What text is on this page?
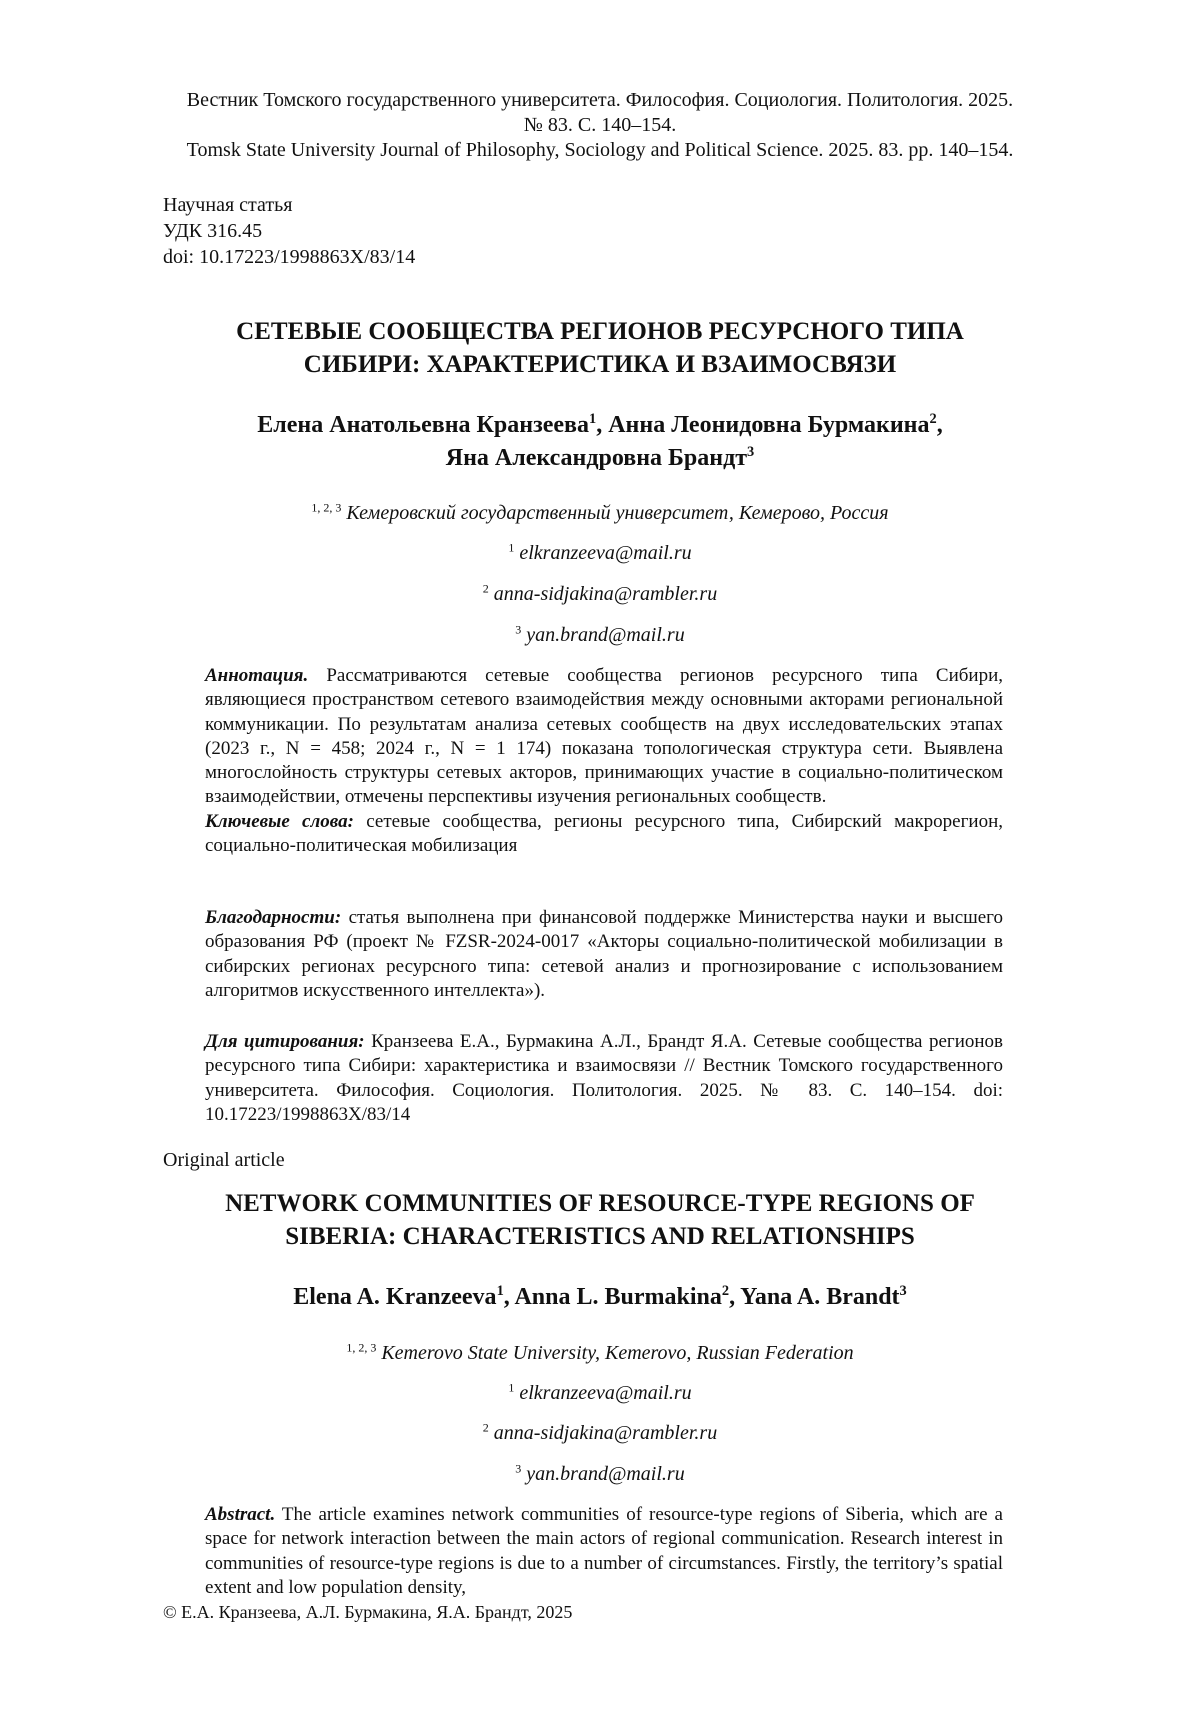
Вестник Томского государственного университета. Философия. Социология. Политология. 2025.
№ 83. С. 140–154.
Tomsk State University Journal of Philosophy, Sociology and Political Science. 2025. 83. pp. 140–154.
Научная статья
УДК 316.45
doi: 10.17223/1998863Х/83/14
СЕТЕВЫЕ СООБЩЕСТВА РЕГИОНОВ РЕСУРСНОГО ТИПА
СИБИРИ: ХАРАКТЕРИСТИКА И ВЗАИМОСВЯЗИ
Елена Анатольевна Кранзеева$^1$, Анна Леонидовна Бурмакина$^2$,
Яна Александровна Брандт$^3$
$^{1, 2, 3}$ Кемеровский государственный университет, Кемерово, Россия
$^1$ elkranzeeva@mail.ru
$^2$ anna-sidjakina@rambler.ru
$^3$ yan.brand@mail.ru
Аннотация. Рассматриваются сетевые сообщества регионов ресурсного типа Сибири, являющиеся пространством сетевого взаимодействия между основными акторами региональной коммуникации. По результатам анализа сетевых сообществ на двух исследовательских этапах (2023 г., N = 458; 2024 г., N = 1 174) показана топологическая структура сети. Выявлена многослойность структуры сетевых акторов, принимающих участие в социально-политическом взаимодействии, отмечены перспективы изучения региональных сообществ.
Ключевые слова: сетевые сообщества, регионы ресурсного типа, Сибирский макрорегион, социально-политическая мобилизация
Благодарности: статья выполнена при финансовой поддержке Министерства науки и высшего образования РФ (проект № FZSR-2024-0017 «Акторы социально-политической мобилизации в сибирских регионах ресурсного типа: сетевой анализ и прогнозирование с использованием алгоритмов искусственного интеллекта»).
Для цитирования: Кранзеева Е.А., Бурмакина А.Л., Брандт Я.А. Сетевые сообщества регионов ресурсного типа Сибири: характеристика и взаимосвязи // Вестник Томского государственного университета. Философия. Социология. Политология. 2025. № 83. С. 140–154. doi: 10.17223/1998863Х/83/14
Original article
NETWORK COMMUNITIES OF RESOURCE-TYPE REGIONS OF
SIBERIA: CHARACTERISTICS AND RELATIONSHIPS
Elena A. Kranzeeva$^1$, Anna L. Burmakina$^2$, Yana A. Brandt$^3$
$^{1, 2, 3}$ Kemerovo State University, Kemerovo, Russian Federation
$^1$ elkranzeeva@mail.ru
$^2$ anna-sidjakina@rambler.ru
$^3$ yan.brand@mail.ru
Abstract. The article examines network communities of resource-type regions of Siberia, which are a space for network interaction between the main actors of regional communication. Research interest in communities of resource-type regions is due to a number of circumstances. Firstly, the territory’s spatial extent and low population density,
© Е.А. Кранзеева, А.Л. Бурмакина, Я.А. Брандт, 2025
